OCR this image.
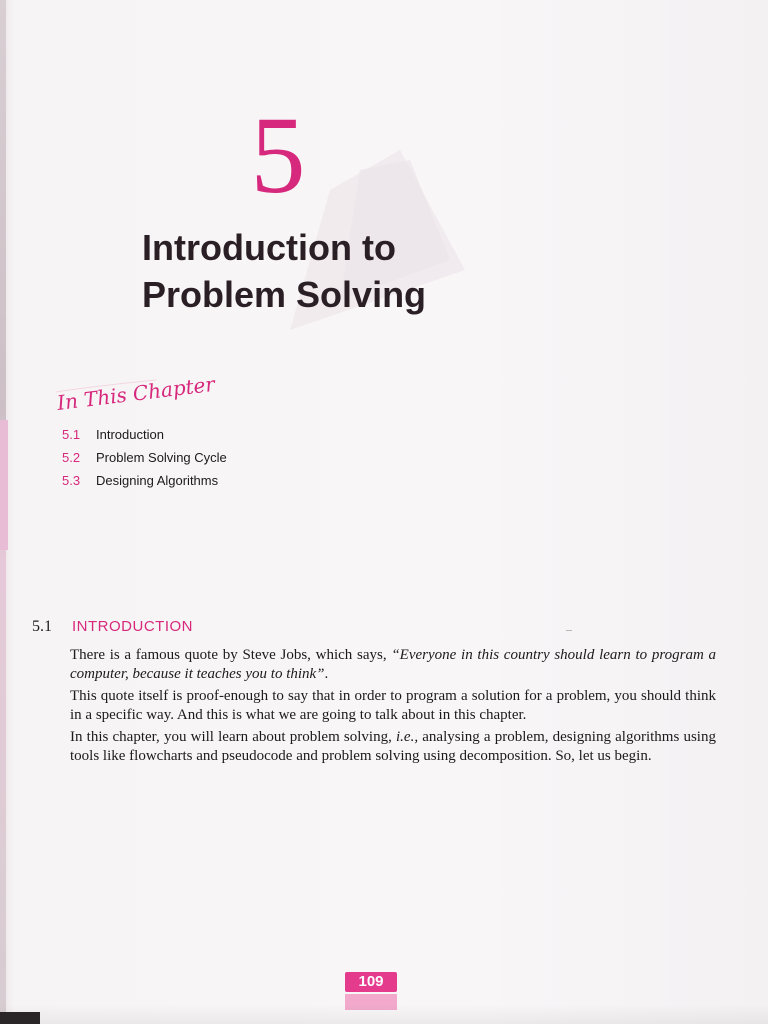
5
Introduction to
Problem Solving
In This Chapter
5.1	Introduction
5.2	Problem Solving Cycle
5.3	Designing Algorithms
5.1	INTRODUCTION

There is a famous quote by Steve Jobs, which says, “Everyone in this country should learn to program a computer, because it teaches you to think”.

This quote itself is proof-enough to say that in order to program a solution for a problem, you should think in a specific way. And this is what we are going to talk about in this chapter.

In this chapter, you will learn about problem solving, i.e., analysing a problem, designing algorithms using tools like flowcharts and pseudocode and problem solving using decomposition. So, let us begin.

109
